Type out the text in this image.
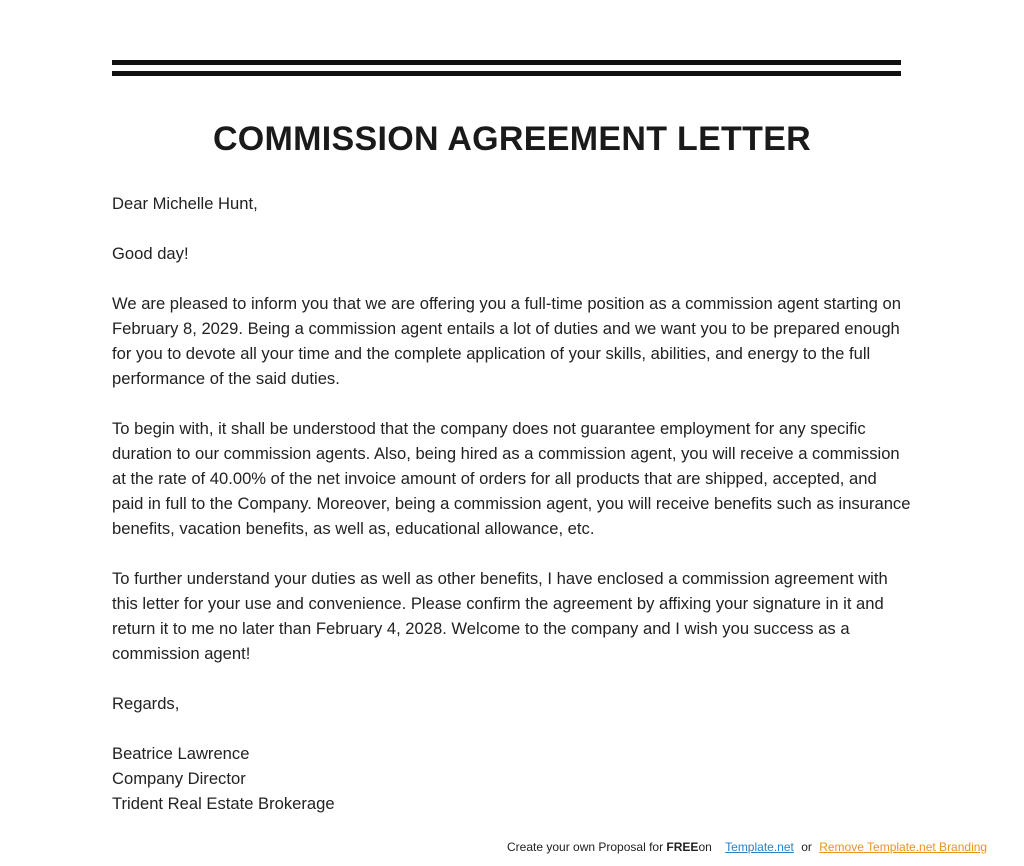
COMMISSION AGREEMENT LETTER

Dear Michelle Hunt,

Good day!

We are pleased to inform you that we are offering you a full-time position as a commission agent starting on February 8, 2029. Being a commission agent entails a lot of duties and we want you to be prepared enough for you to devote all your time and the complete application of your skills, abilities, and energy to the full performance of the said duties.

To begin with, it shall be understood that the company does not guarantee employment for any specific duration to our commission agents. Also, being hired as a commission agent, you will receive a commission at the rate of 40.00% of the net invoice amount of orders for all products that are shipped, accepted, and paid in full to the Company. Moreover, being a commission agent, you will receive benefits such as insurance benefits, vacation benefits, as well as, educational allowance, etc.

To further understand your duties as well as other benefits, I have enclosed a commission agreement with this letter for your use and convenience. Please confirm the agreement by affixing your signature in it and return it to me no later than February 4, 2028. Welcome to the company and I wish you success as a commission agent!

Regards,

Beatrice Lawrence

Company Director

Trident Real Estate Brokerage

Create your own Proposal for FREEon Template.net or Remove Template.net Branding
